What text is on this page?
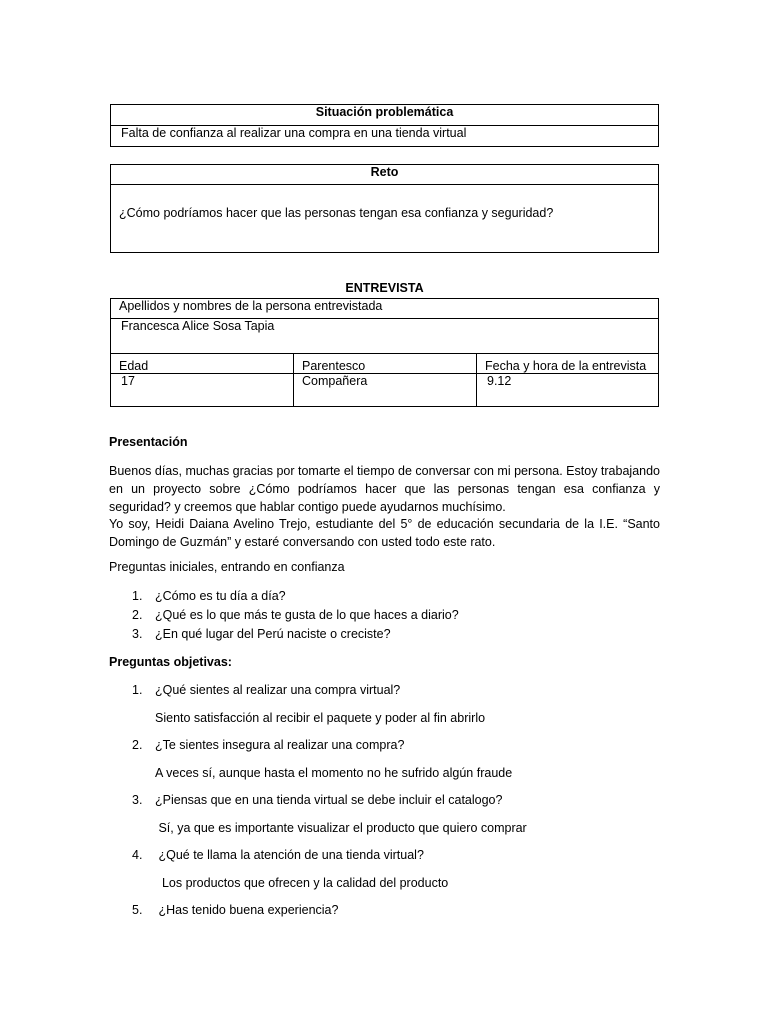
Situación problemática
Falta de confianza al realizar una compra en una tienda virtual
Reto
¿Cómo podríamos hacer que las personas tengan esa confianza y seguridad?
ENTREVISTA
Apellidos y nombres de la persona entrevistada		
Francesca Alice Sosa Tapia		
Edad	Parentesco	Fecha y hora de la entrevista
17	Compañera	9.12
Presentación
Buenos días, muchas gracias por tomarte el tiempo de conversar con mi persona. Estoy trabajando en un proyecto sobre ¿Cómo podríamos hacer que las personas tengan esa confianza y seguridad? y creemos que hablar contigo puede ayudarnos muchísimo.
Yo soy, Heidi Daiana Avelino Trejo, estudiante del 5° de educación secundaria de la I.E. “Santo Domingo de Guzmán” y estaré conversando con usted todo este rato.
Preguntas iniciales, entrando en confianza
1. ¿Cómo es tu día a día?
2. ¿Qué es lo que más te gusta de lo que haces a diario?
3. ¿En qué lugar del Perú naciste o creciste?
Preguntas objetivas:
1. ¿Qué sientes al realizar una compra virtual?
Siento satisfacción al recibir el paquete y poder al fin abrirlo
2. ¿Te sientes insegura al realizar una compra?
A veces sí, aunque hasta el momento no he sufrido algún fraude
3. ¿Piensas que en una tienda virtual se debe incluir el catalogo?
Sí, ya que es importante visualizar el producto que quiero comprar
4. ¿Qué te llama la atención de una tienda virtual?
Los productos que ofrecen y la calidad del producto
5. ¿Has tenido buena experiencia?
